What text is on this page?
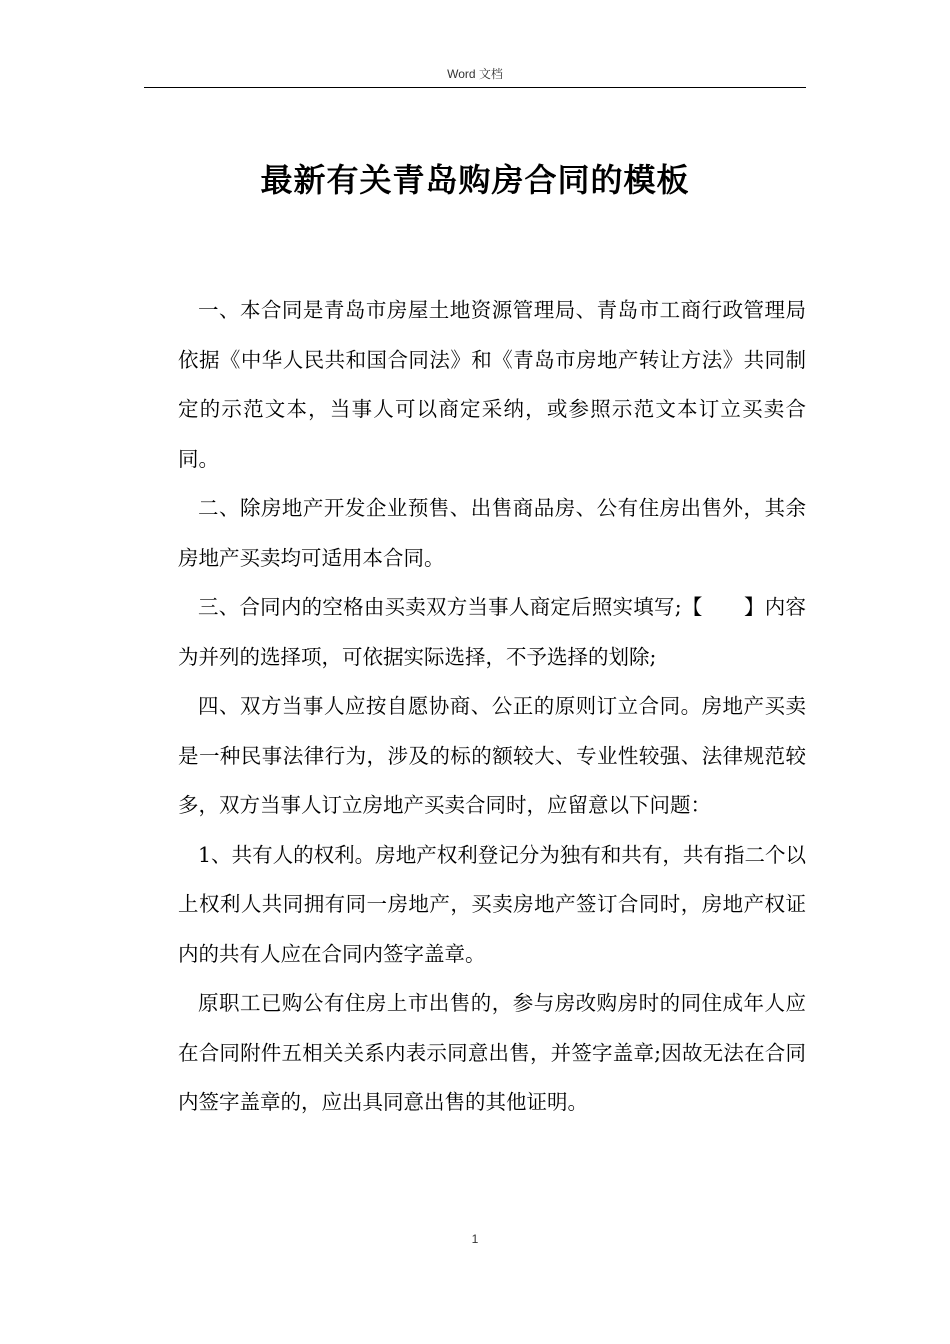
Word 文档
最新有关青岛购房合同的模板

一、本合同是青岛市房屋土地资源管理局、青岛市工商行政管理局依据《中华人民共和国合同法》和《青岛市房地产转让方法》共同制定的示范文本，当事人可以商定采纳，或参照示范文本订立买卖合同。

二、除房地产开发企业预售、出售商品房、公有住房出售外，其余房地产买卖均可适用本合同。

三、合同内的空格由买卖双方当事人商定后照实填写;【　　】内容为并列的选择项，可依据实际选择，不予选择的划除;

四、双方当事人应按自愿协商、公正的原则订立合同。房地产买卖是一种民事法律行为，涉及的标的额较大、专业性较强、法律规范较多，双方当事人订立房地产买卖合同时，应留意以下问题：

1、共有人的权利。房地产权利登记分为独有和共有，共有指二个以上权利人共同拥有同一房地产，买卖房地产签订合同时，房地产权证内的共有人应在合同内签字盖章。

原职工已购公有住房上市出售的，参与房改购房时的同住成年人应在合同附件五相关关系内表示同意出售，并签字盖章;因故无法在合同内签字盖章的，应出具同意出售的其他证明。

1
